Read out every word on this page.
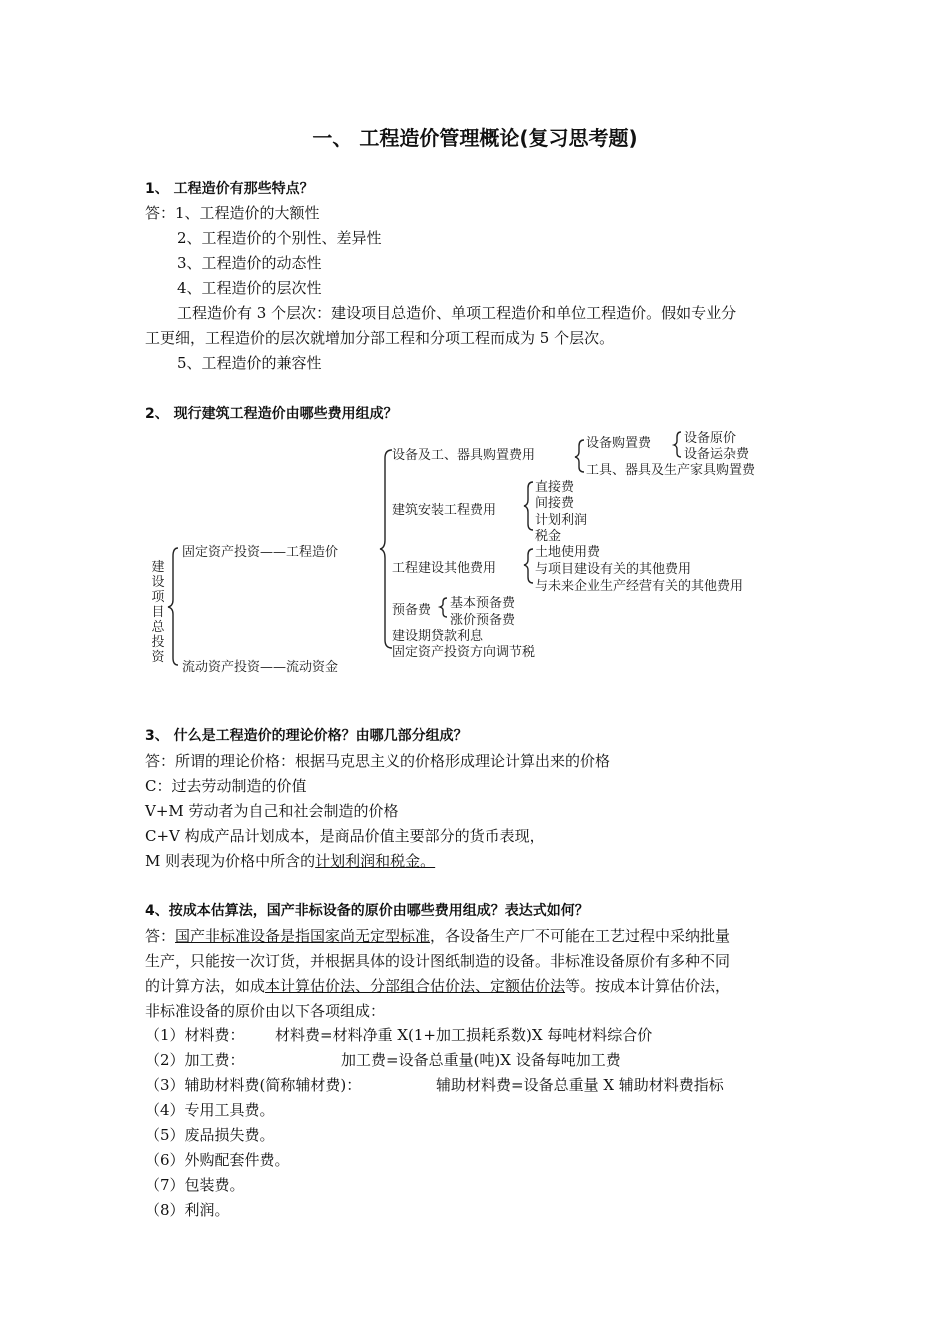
一、 工程造价管理概论(复习思考题)
1、 工程造价有那些特点？
答：1、工程造价的大额性
2、工程造价的个别性、差异性
3、工程造价的动态性
4、工程造价的层次性
工程造价有 3 个层次：建设项目总造价、单项工程造价和单位工程造价。假如专业分
工更细，工程造价的层次就增加分部工程和分项工程而成为 5 个层次。
5、工程造价的兼容性
2、 现行建筑工程造价由哪些费用组成？
建设项目总投资
固定资产投资——工程造价
流动资产投资——流动资金
设备及工、器具购置费用
设备购置费	设备原价
设备运杂费
工具、器具及生产家具购置费
建筑安装工程费用
直接费
间接费
计划利润
税金
工程建设其他费用
土地使用费
与项目建设有关的其他费用
与未来企业生产经营有关的其他费用
预备费 基本预备费
涨价预备费
建设期贷款利息
固定资产投资方向调节税
3、 什么是工程造价的理论价格？由哪几部分组成？
答：所谓的理论价格：根据马克思主义的价格形成理论计算出来的价格
C：过去劳动制造的价值
V+M 劳动者为自己和社会制造的价格
C+V 构成产品计划成本，是商品价值主要部分的货币表现，
M 则表现为价格中所含的计划利润和税金。
4、按成本估算法，国产非标设备的原价由哪些费用组成？表达式如何？
答：国产非标准设备是指国家尚无定型标准，各设备生产厂不可能在工艺过程中采纳批量
生产，只能按一次订货，并根据具体的设计图纸制造的设备。非标准设备原价有多种不同
的计算方法，如成本计算估价法、分部组合估价法、定额估价法等。按成本计算估价法，
非标准设备的原价由以下各项组成：
（1）材料费： 材料费=材料净重 X(1+加工损耗系数)X 每吨材料综合价
（2）加工费：	加工费=设备总重量(吨)X 设备每吨加工费
（3）辅助材料费(简称辅材费)：	辅助材料费=设备总重量 X 辅助材料费指标
（4）专用工具费。
（5）废品损失费。
（6）外购配套件费。
（7）包装费。
（8）利润。
